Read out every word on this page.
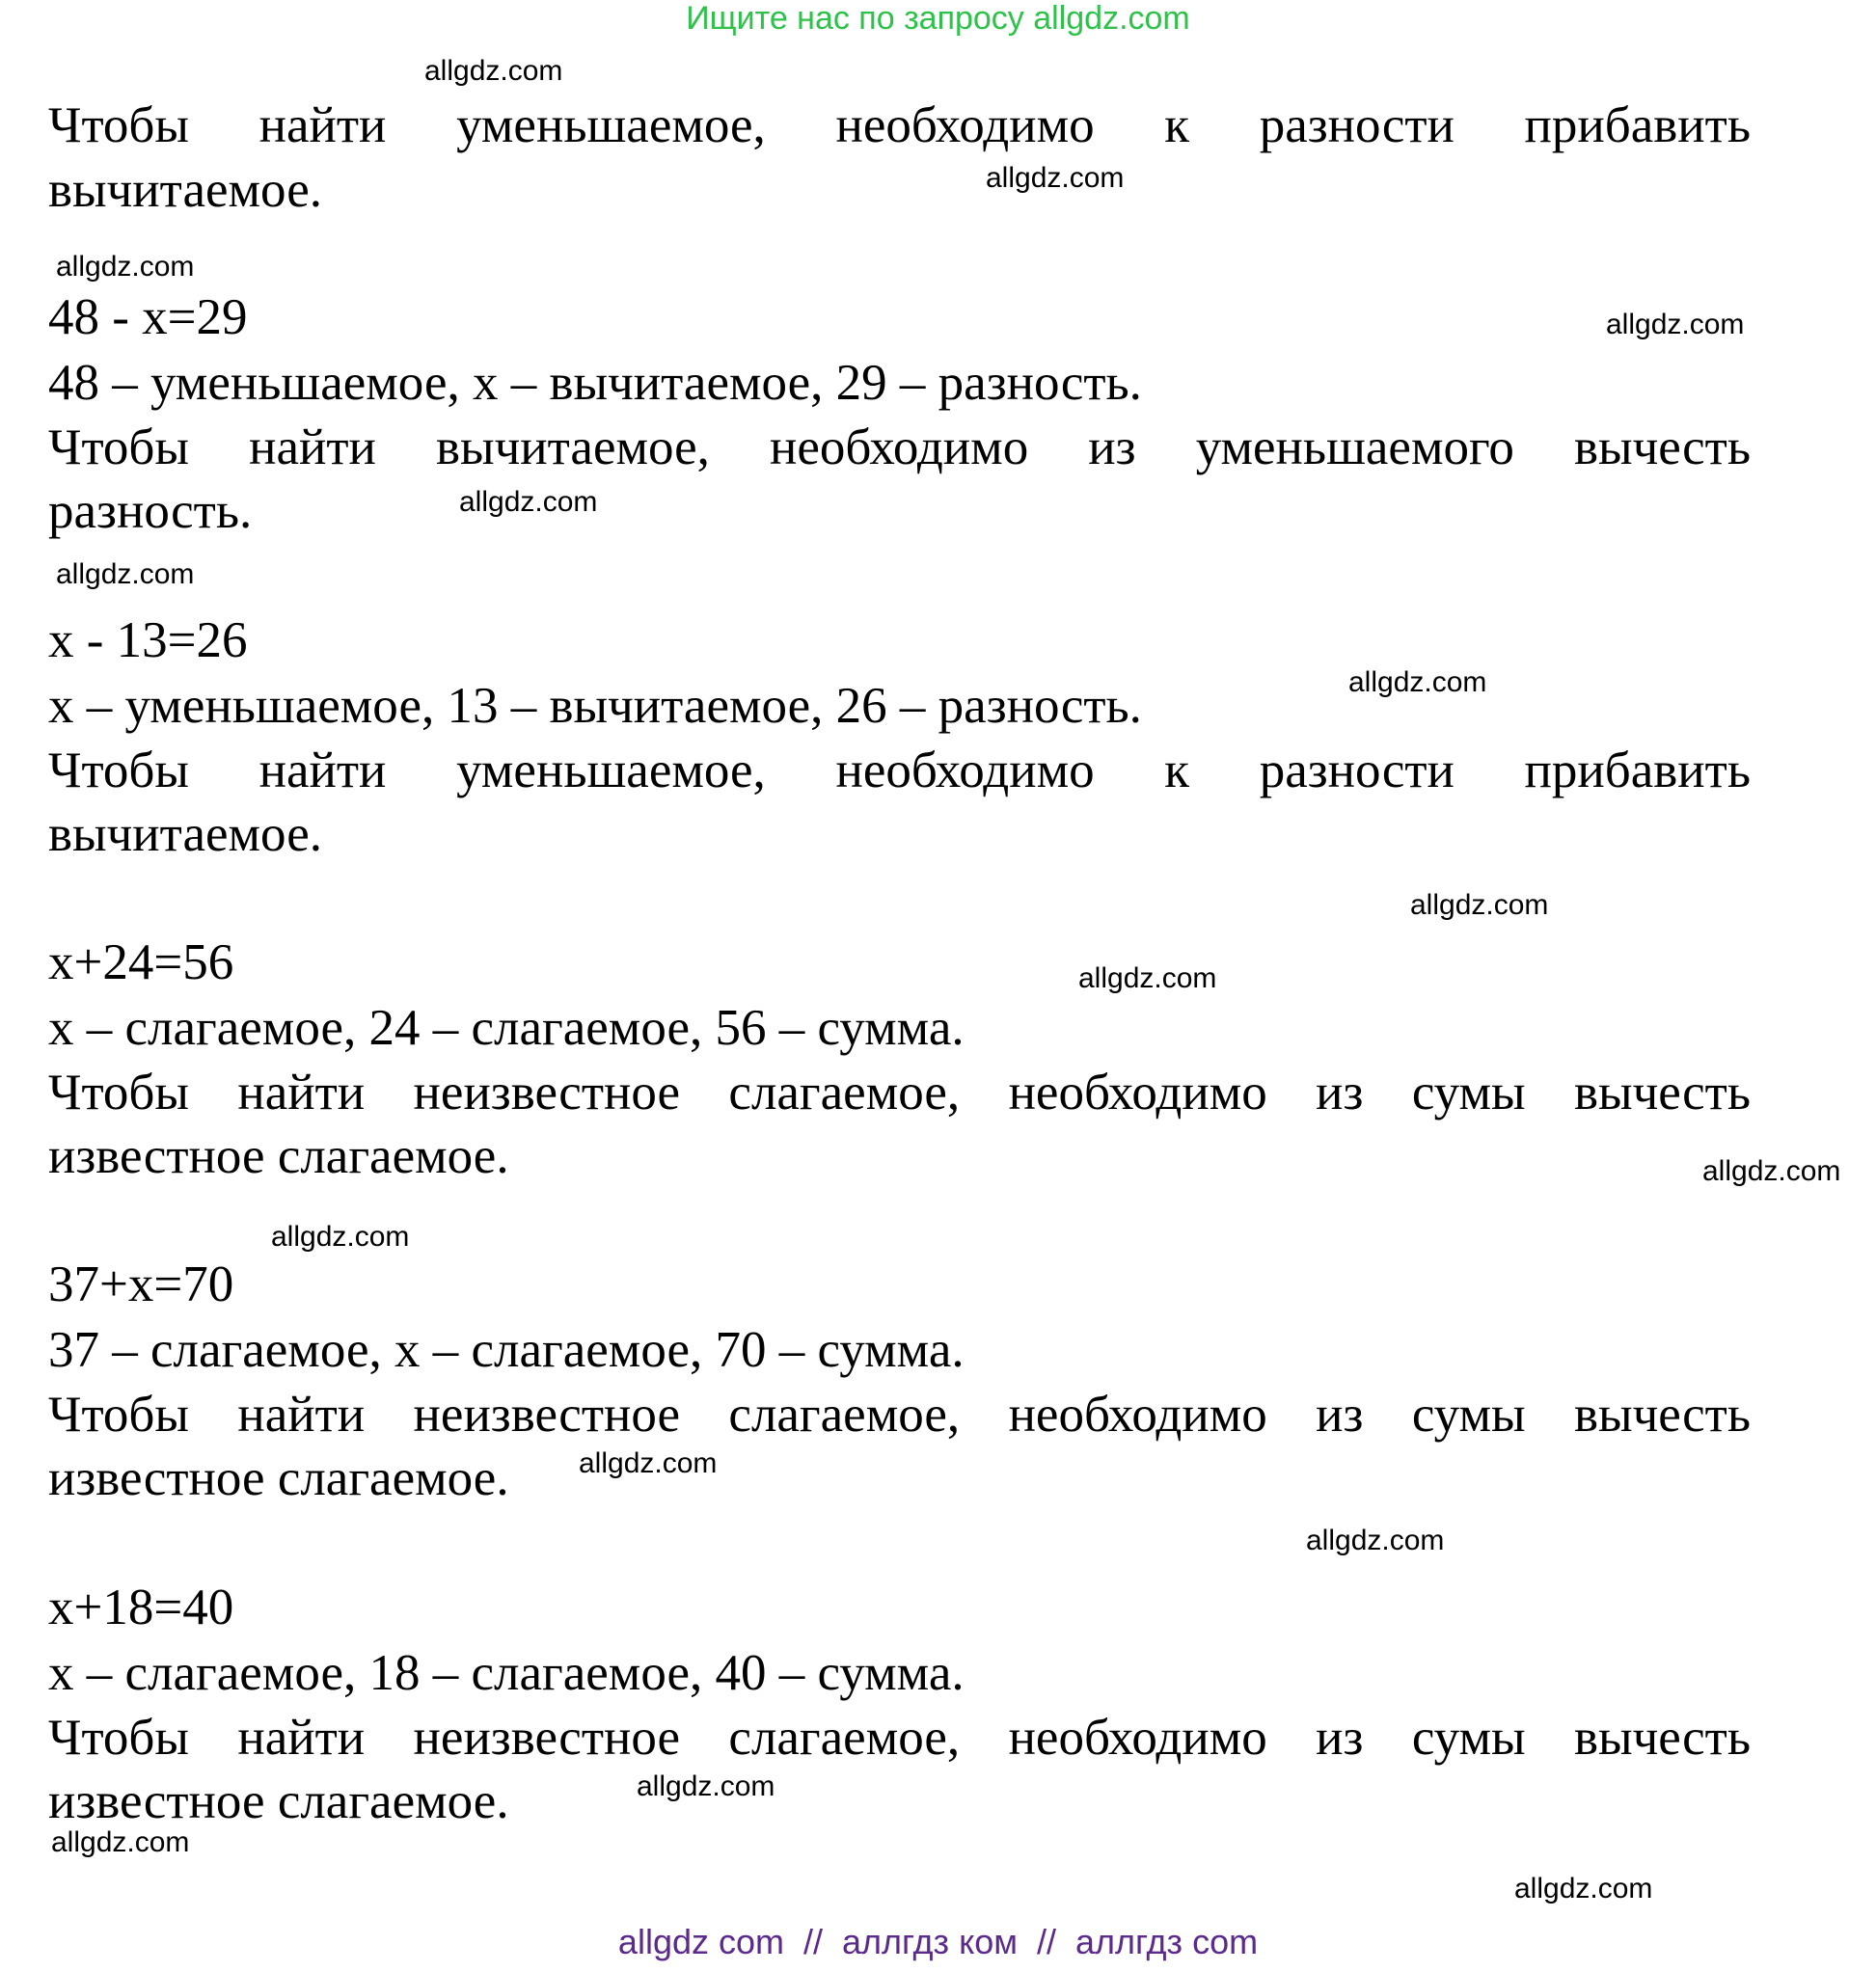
Ищите нас по запросу allgdz.com
Чтобы найти уменьшаемое, необходимо к разности прибавить
вычитаемое.
48 - x=29
48 – уменьшаемое, x – вычитаемое, 29 – разность.
Чтобы найти вычитаемое, необходимо из уменьшаемого вычесть
разность.
x - 13=26
x – уменьшаемое, 13 – вычитаемое, 26 – разность.
Чтобы найти уменьшаемое, необходимо к разности прибавить
вычитаемое.
x+24=56
x – слагаемое, 24 – слагаемое, 56 – сумма.
Чтобы найти неизвестное слагаемое, необходимо из сумы вычесть
известное слагаемое.
37+x=70
37 – слагаемое, x – слагаемое, 70 – сумма.
Чтобы найти неизвестное слагаемое, необходимо из сумы вычесть
известное слагаемое.
x+18=40
x – слагаемое, 18 – слагаемое, 40 – сумма.
Чтобы найти неизвестное слагаемое, необходимо из сумы вычесть
известное слагаемое.
allgdz.com
allgdz.com
allgdz.com
allgdz.com
allgdz.com
allgdz.com
allgdz.com
allgdz.com
allgdz.com
allgdz.com
allgdz.com
allgdz.com
allgdz.com
allgdz.com
allgdz.com
allgdz.com
allgdz com  //  аллгдз ком  //  аллгдз com
